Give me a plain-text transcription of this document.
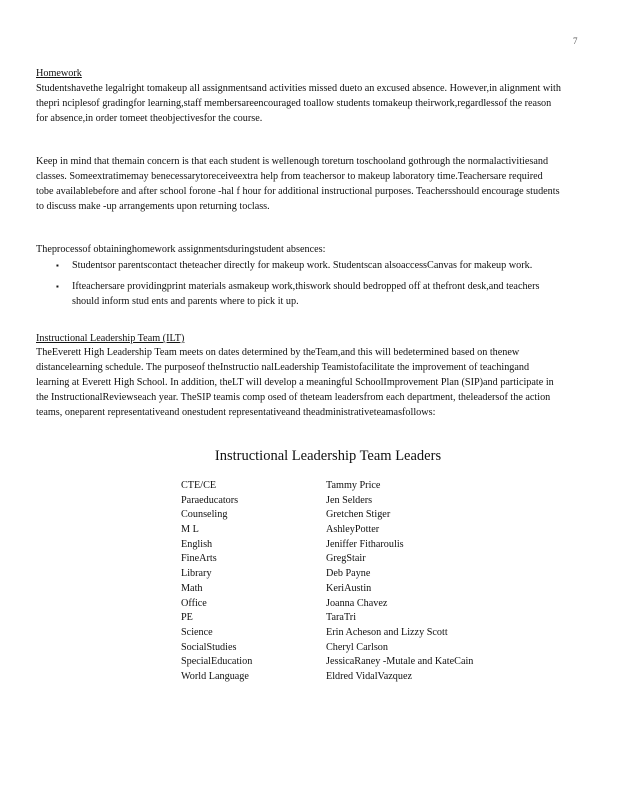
7
Homework

Studentshavethe legalright tomakeup all assignmentsand activities missed dueto an excused absence. However,in alignment with thepri nciplesof gradingfor learning,staff membersareencouraged toallow students tomakeup theirwork,regardlessof the reason for absence,in order tomeet theobjectivesfor the course.

Keep in mind that themain concern is that each student is wellenough toreturn toschooland gothrough the normalactivitiesand classes. Someextratimemay benecessarytoreceiveextra help from teachersor to makeup laboratory time.Teachersare required tobe availablebefore and after school forone -hal f hour for additional instructional purposes. Teachersshould encourage students to discuss make -up arrangements upon returning toclass.

Theprocessof obtaininghomework assignmentsduringstudent absences:

▪ Studentsor parentscontact theteacher directly for makeup work. Studentscan alsoaccessCanvas for makeup work.
▪ Ifteachersare providingprint materials asmakeup work,thiswork should bedropped off at thefront desk,and teachers should inform stud ents and parents where to pick it up.
Instructional Leadership Team (ILT)

TheEverett High Leadership Team meets on dates determined by theTeam,and this will bedetermined based on thenew distancelearning schedule. The purposeof theInstructio nalLeadership Teamistofacilitate the improvement of teachingand learning at Everett High School. In addition, theLT will develop a meaningful SchoolImprovement Plan (SIP)and participate in the InstructionalReviewseach year. TheSIP teamis comp osed of theteam leadersfrom each department, theleadersof the action teams, oneparent representativeand onestudent representativeand theadministrativeteamasfollows:

Instructional Leadership Team Leaders
CTE/CE	Tammy Price
Paraeducators	Jen Selders
Counseling	Gretchen Stiger
M L	AshleyPotter
English	Jeniffer Fitharoulis
FineArts	GregStair
Library	Deb Payne
Math	KeriAustin
Office	Joanna Chavez
PE	TaraTri
Science	Erin Acheson and Lizzy Scott
SocialStudies	Cheryl Carlson
SpecialEducation	JessicaRaney -Mutale and KateCain
World Language	Eldred VidalVazquez
